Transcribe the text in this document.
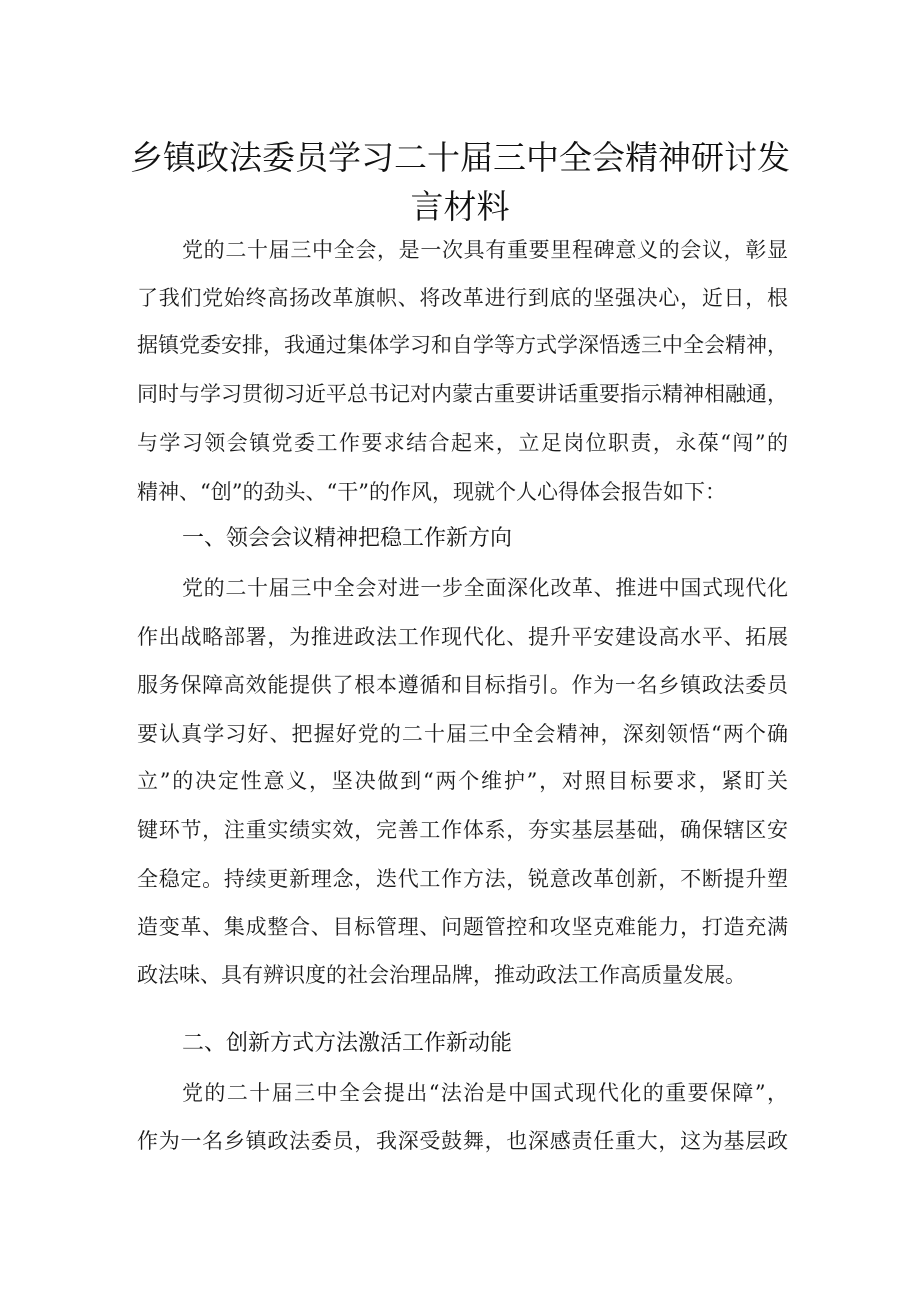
乡镇政法委员学习二十届三中全会精神研讨发
言材料
党的二十届三中全会，是一次具有重要里程碑意义的会议，彰显
了我们党始终高扬改革旗帜、将改革进行到底的坚强决心，近日，根
据镇党委安排，我通过集体学习和自学等方式学深悟透三中全会精神，
同时与学习贯彻习近平总书记对内蒙古重要讲话重要指示精神相融通，
与学习领会镇党委工作要求结合起来，立足岗位职责，永葆“闯”的
精神、“创”的劲头、“干”的作风，现就个人心得体会报告如下：
一、领会会议精神把稳工作新方向
党的二十届三中全会对进一步全面深化改革、推进中国式现代化
作出战略部署，为推进政法工作现代化、提升平安建设高水平、拓展
服务保障高效能提供了根本遵循和目标指引。作为一名乡镇政法委员
要认真学习好、把握好党的二十届三中全会精神，深刻领悟“两个确
立”的决定性意义，坚决做到“两个维护”，对照目标要求，紧盯关
键环节，注重实绩实效，完善工作体系，夯实基层基础，确保辖区安
全稳定。持续更新理念，迭代工作方法，锐意改革创新，不断提升塑
造变革、集成整合、目标管理、问题管控和攻坚克难能力，打造充满
政法味、具有辨识度的社会治理品牌，推动政法工作高质量发展。
二、创新方式方法激活工作新动能
党的二十届三中全会提出“法治是中国式现代化的重要保障”，
作为一名乡镇政法委员，我深受鼓舞，也深感责任重大，这为基层政
